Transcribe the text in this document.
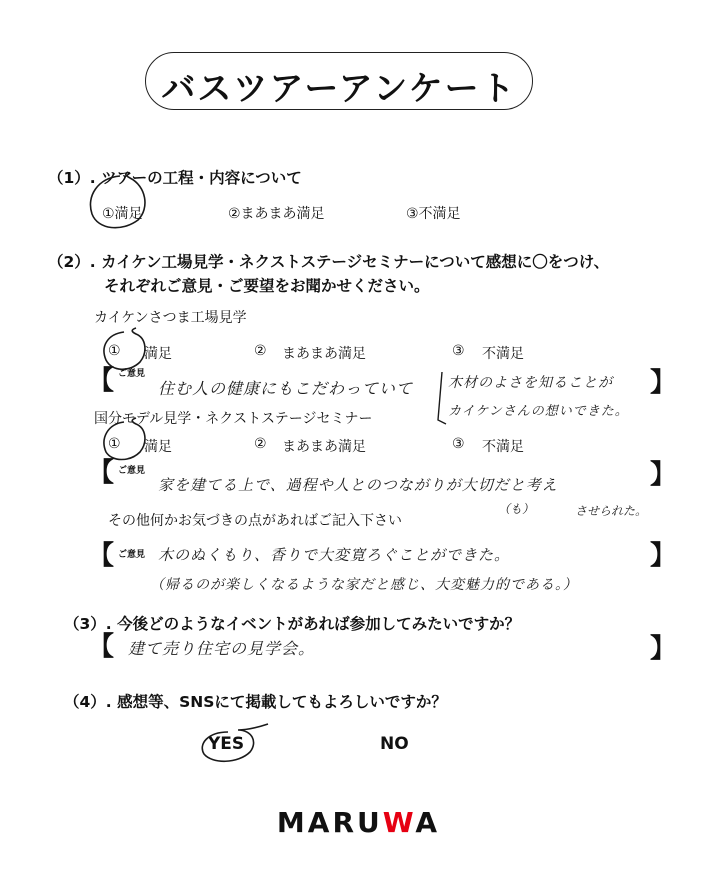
バスツアーアンケート
（1）. ツアーの工程・内容について
①満足	②まあまあ満足	③不満足
（2）. カイケン工場見学・ネクストステージセミナーについて感想に〇をつけ、
それぞれご意見・ご要望をお聞かせください。
カイケンさつま工場見学
① 満足	② まあまあ満足	③ 不満足
【 ご意見
住む人の健康にもこだわっていて	木材のよさを知ることが
カイケンさんの想いできた。
】
国分モデル見学・ネクストステージセミナー
① 満足	② まあまあ満足	③ 不満足
【 ご意見
家を建てる上で、過程や人とのつながりが大切だと考え
（も）	させられた。
】
その他何かお気づきの点があればご記入下さい
【 ご意見 木のぬくもり、香りで大変寛ろぐことができた。
（帰るのが楽しくなるような家だと感じ、大変魅力的である。）
】
（3）. 今後どのようなイベントがあれば参加してみたいですか？
【 建て売り住宅の見学会。	】
（4）. 感想等、SNSにて掲載してもよろしいですか？
YES	NO
MARUWA
